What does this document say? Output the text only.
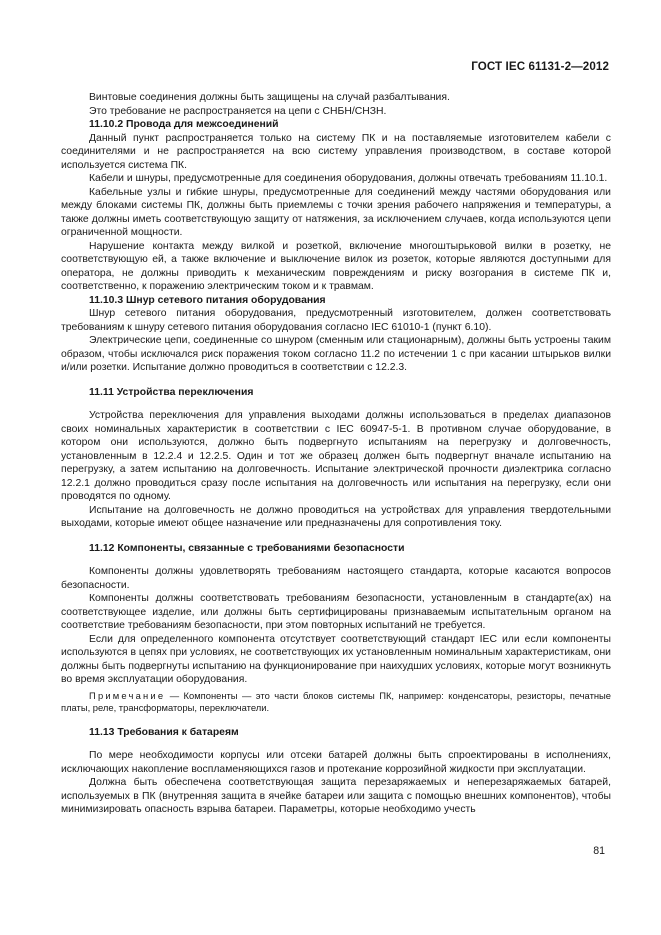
ГОСТ IEC 61131-2—2012

Винтовые соединения должны быть защищены на случай разбалтывания.

Это требование не распространяется на цепи с СНБН/СНЗН.

11.10.2 Провода для межсоединений

Данный пункт распространяется только на систему ПК и на поставляемые изготовителем кабели с соединителями и не распространяется на всю систему управления производством, в составе которой используется система ПК.

Кабели и шнуры, предусмотренные для соединения оборудования, должны отвечать требованиям 11.10.1.

Кабельные узлы и гибкие шнуры, предусмотренные для соединений между частями оборудования или между блоками системы ПК, должны быть приемлемы с точки зрения рабочего напряжения и температуры, а также должны иметь соответствующую защиту от натяжения, за исключением случаев, когда используются цепи ограниченной мощности.

Нарушение контакта между вилкой и розеткой, включение многоштырьковой вилки в розетку, не соответствующую ей, а также включение и выключение вилок из розеток, которые являются доступными для оператора, не должны приводить к механическим повреждениям и риску возгорания в системе ПК и, соответственно, к поражению электрическим током и к травмам.

11.10.3 Шнур сетевого питания оборудования

Шнур сетевого питания оборудования, предусмотренный изготовителем, должен соответствовать требованиям к шнуру сетевого питания оборудования согласно IEC 61010-1 (пункт 6.10).

Электрические цепи, соединенные со шнуром (сменным или стационарным), должны быть устроены таким образом, чтобы исключался риск поражения током согласно 11.2 по истечении 1 с при касании штырьков вилки и/или розетки. Испытание должно проводиться в соответствии с 12.2.3.

11.11 Устройства переключения

Устройства переключения для управления выходами должны использоваться в пределах диапазонов своих номинальных характеристик в соответствии с IEC 60947-5-1. В противном случае оборудование, в котором они используются, должно быть подвергнуто испытаниям на перегрузку и долговечность, установленным в 12.2.4 и 12.2.5. Один и тот же образец должен быть подвергнут вначале испытанию на перегрузку, а затем испытанию на долговечность. Испытание электрической прочности диэлектрика согласно 12.2.1 должно проводиться сразу после испытания на долговечность или испытания на перегрузку, если они проводятся по одному.

Испытание на долговечность не должно проводиться на устройствах для управления твердотельными выходами, которые имеют общее назначение или предназначены для сопротивления току.

11.12 Компоненты, связанные с требованиями безопасности

Компоненты должны удовлетворять требованиям настоящего стандарта, которые касаются вопросов безопасности.

Компоненты должны соответствовать требованиям безопасности, установленным в стандарте(ах) на соответствующее изделие, или должны быть сертифицированы признаваемым испытательным органом на соответствие требованиям безопасности, при этом повторных испытаний не требуется.

Если для определенного компонента отсутствует соответствующий стандарт IEC или если компоненты используются в цепях при условиях, не соответствующих их установленным номинальным характеристикам, они должны быть подвергнуты испытанию на функционирование при наихудших условиях, которые могут возникнуть во время эксплуатации оборудования.

Примечание — Компоненты — это части блоков системы ПК, например: конденсаторы, резисторы, печатные платы, реле, трансформаторы, переключатели.

11.13 Требования к батареям

По мере необходимости корпусы или отсеки батарей должны быть спроектированы в исполнениях, исключающих накопление воспламеняющихся газов и протекание коррозийной жидкости при эксплуатации.

Должна быть обеспечена соответствующая защита перезаряжаемых и неперезаряжаемых батарей, используемых в ПК (внутренняя защита в ячейке батареи или защита с помощью внешних компонентов), чтобы минимизировать опасность взрыва батареи. Параметры, которые необходимо учесть

81
